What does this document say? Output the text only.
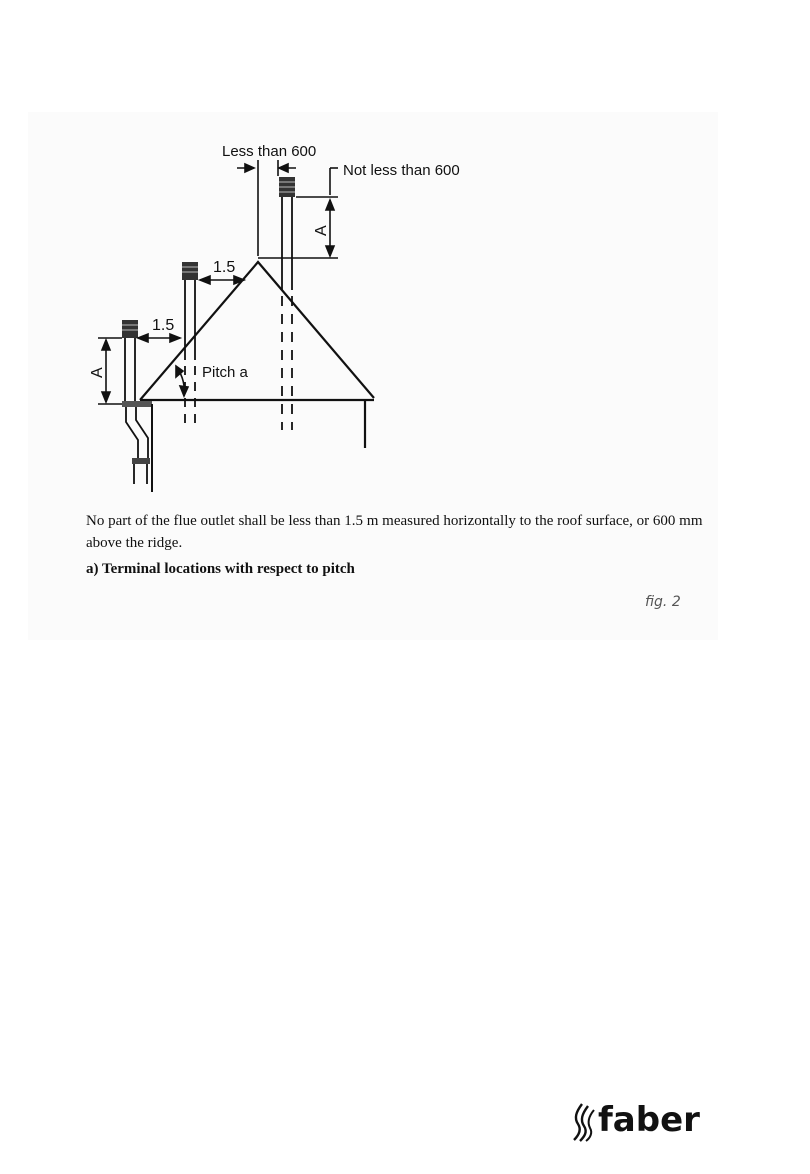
Less than 600
Not less than 600
A
1.5
1.5
A	Pitch a

No part of the flue outlet shall be less than 1.5 m measured horizontally to the roof surface, or 600 mm above the ridge.

a) Terminal locations with respect to pitch

fig. 2

faber
